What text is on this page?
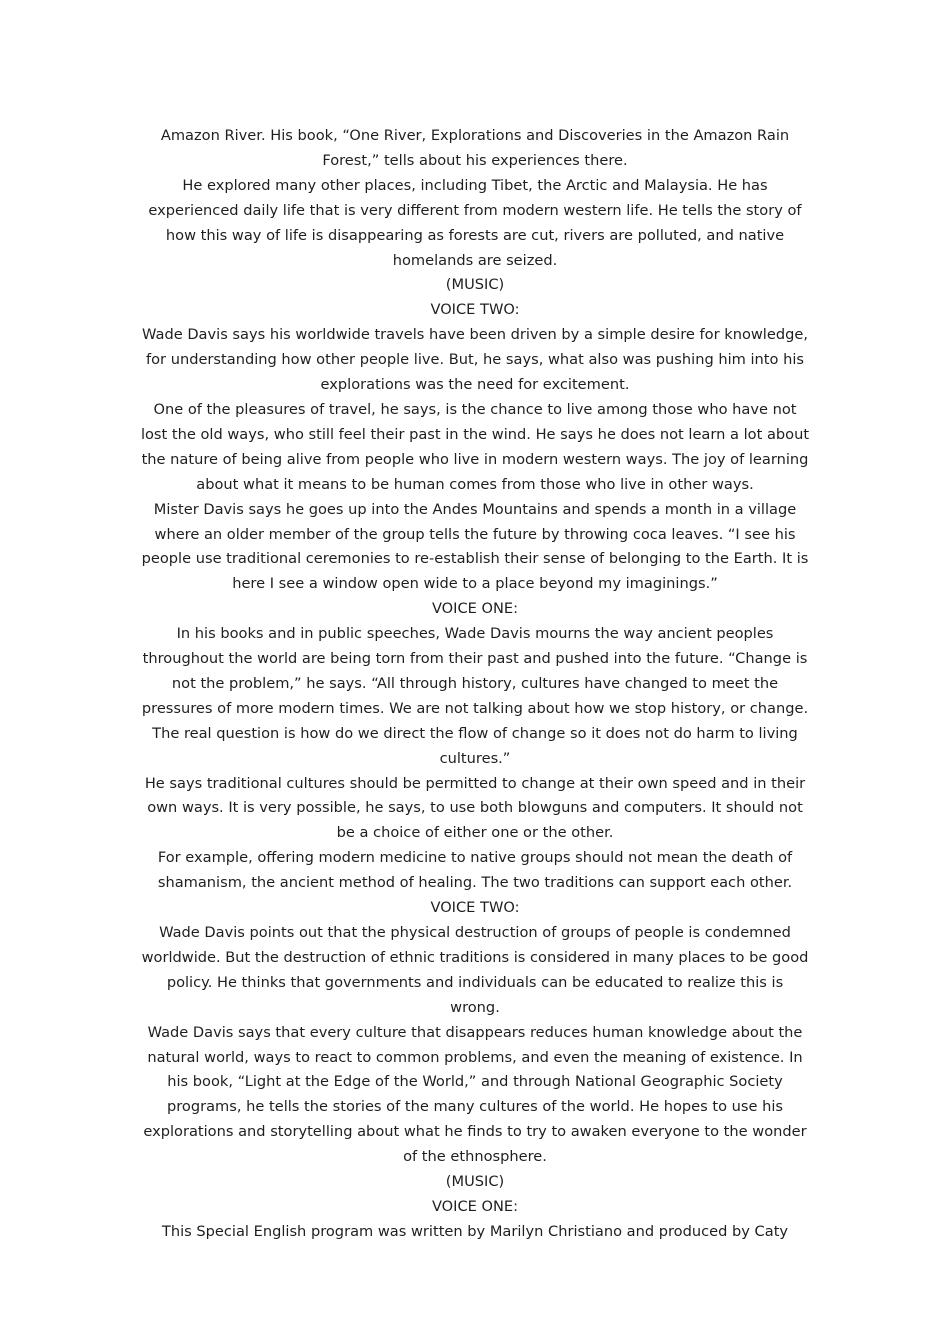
Amazon River. His book, “One River, Explorations and Discoveries in the Amazon Rain Forest,” tells about his experiences there.

He explored many other places, including Tibet, the Arctic and Malaysia. He has experienced daily life that is very different from modern western life. He tells the story of how this way of life is disappearing as forests are cut, rivers are polluted, and native homelands are seized.

(MUSIC)

VOICE TWO:

Wade Davis says his worldwide travels have been driven by a simple desire for knowledge, for understanding how other people live. But, he says, what also was pushing him into his explorations was the need for excitement.

One of the pleasures of travel, he says, is the chance to live among those who have not lost the old ways, who still feel their past in the wind. He says he does not learn a lot about the nature of being alive from people who live in modern western ways. The joy of learning about what it means to be human comes from those who live in other ways.

Mister Davis says he goes up into the Andes Mountains and spends a month in a village where an older member of the group tells the future by throwing coca leaves. “I see his people use traditional ceremonies to re-establish their sense of belonging to the Earth. It is here I see a window open wide to a place beyond my imaginings.”

VOICE ONE:

In his books and in public speeches, Wade Davis mourns the way ancient peoples throughout the world are being torn from their past and pushed into the future. “Change is not the problem,” he says. “All through history, cultures have changed to meet the pressures of more modern times. We are not talking about how we stop history, or change. The real question is how do we direct the flow of change so it does not do harm to living cultures.”

He says traditional cultures should be permitted to change at their own speed and in their own ways. It is very possible, he says, to use both blowguns and computers. It should not be a choice of either one or the other.

For example, offering modern medicine to native groups should not mean the death of shamanism, the ancient method of healing. The two traditions can support each other.

VOICE TWO:

Wade Davis points out that the physical destruction of groups of people is condemned worldwide. But the destruction of ethnic traditions is considered in many places to be good policy. He thinks that governments and individuals can be educated to realize this is wrong.

Wade Davis says that every culture that disappears reduces human knowledge about the natural world, ways to react to common problems, and even the meaning of existence. In his book, “Light at the Edge of the World,” and through National Geographic Society programs, he tells the stories of the many cultures of the world. He hopes to use his explorations and storytelling about what he finds to try to awaken everyone to the wonder of the ethnosphere.

(MUSIC)

VOICE ONE:

This Special English program was written by Marilyn Christiano and produced by Caty
